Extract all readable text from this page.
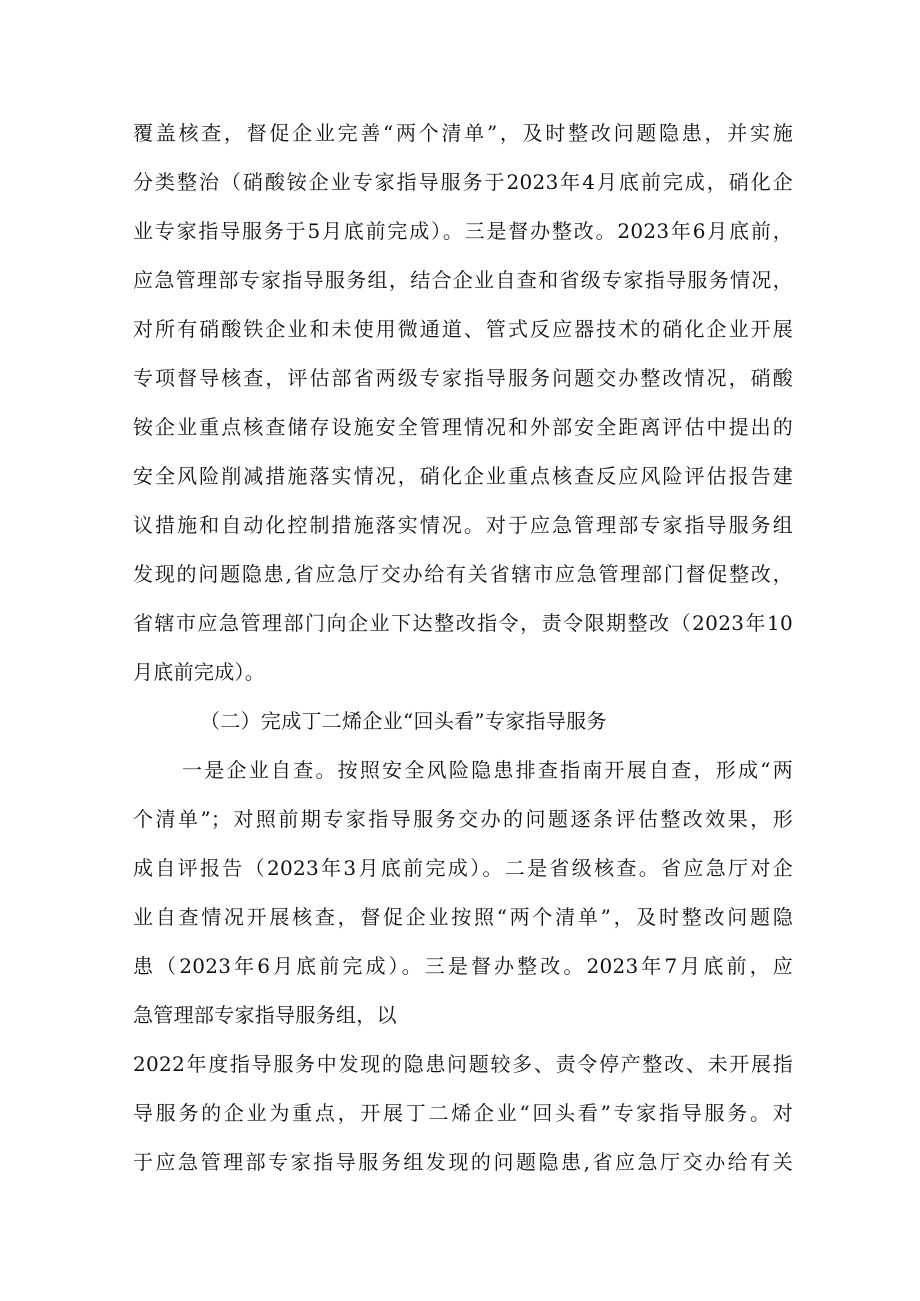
覆盖核查，督促企业完善“两个清单”，及时整改问题隐患，并实施
分类整治（硝酸铵企业专家指导服务于2023年4月底前完成，硝化企
业专家指导服务于5月底前完成）。三是督办整改。2023年6月底前，
应急管理部专家指导服务组，结合企业自查和省级专家指导服务情况，
对所有硝酸铁企业和未使用微通道、管式反应器技术的硝化企业开展
专项督导核查，评估部省两级专家指导服务问题交办整改情况，硝酸
铵企业重点核查储存设施安全管理情况和外部安全距离评估中提出的
安全风险削减措施落实情况，硝化企业重点核查反应风险评估报告建
议措施和自动化控制措施落实情况。对于应急管理部专家指导服务组
发现的问题隐患,省应急厅交办给有关省辖市应急管理部门督促整改，
省辖市应急管理部门向企业下达整改指令，责令限期整改（2023年10
月底前完成）。
（二）完成丁二烯企业“回头看”专家指导服务
一是企业自查。按照安全风险隐患排查指南开展自查，形成“两
个清单”；对照前期专家指导服务交办的问题逐条评估整改效果，形
成自评报告（2023年3月底前完成）。二是省级核查。省应急厅对企
业自查情况开展核查，督促企业按照“两个清单”，及时整改问题隐
患（2023年6月底前完成）。三是督办整改。2023年7月底前，应
急管理部专家指导服务组，以
2022年度指导服务中发现的隐患问题较多、责令停产整改、未开展指
导服务的企业为重点，开展丁二烯企业“回头看”专家指导服务。对
于应急管理部专家指导服务组发现的问题隐患,省应急厅交办给有关
